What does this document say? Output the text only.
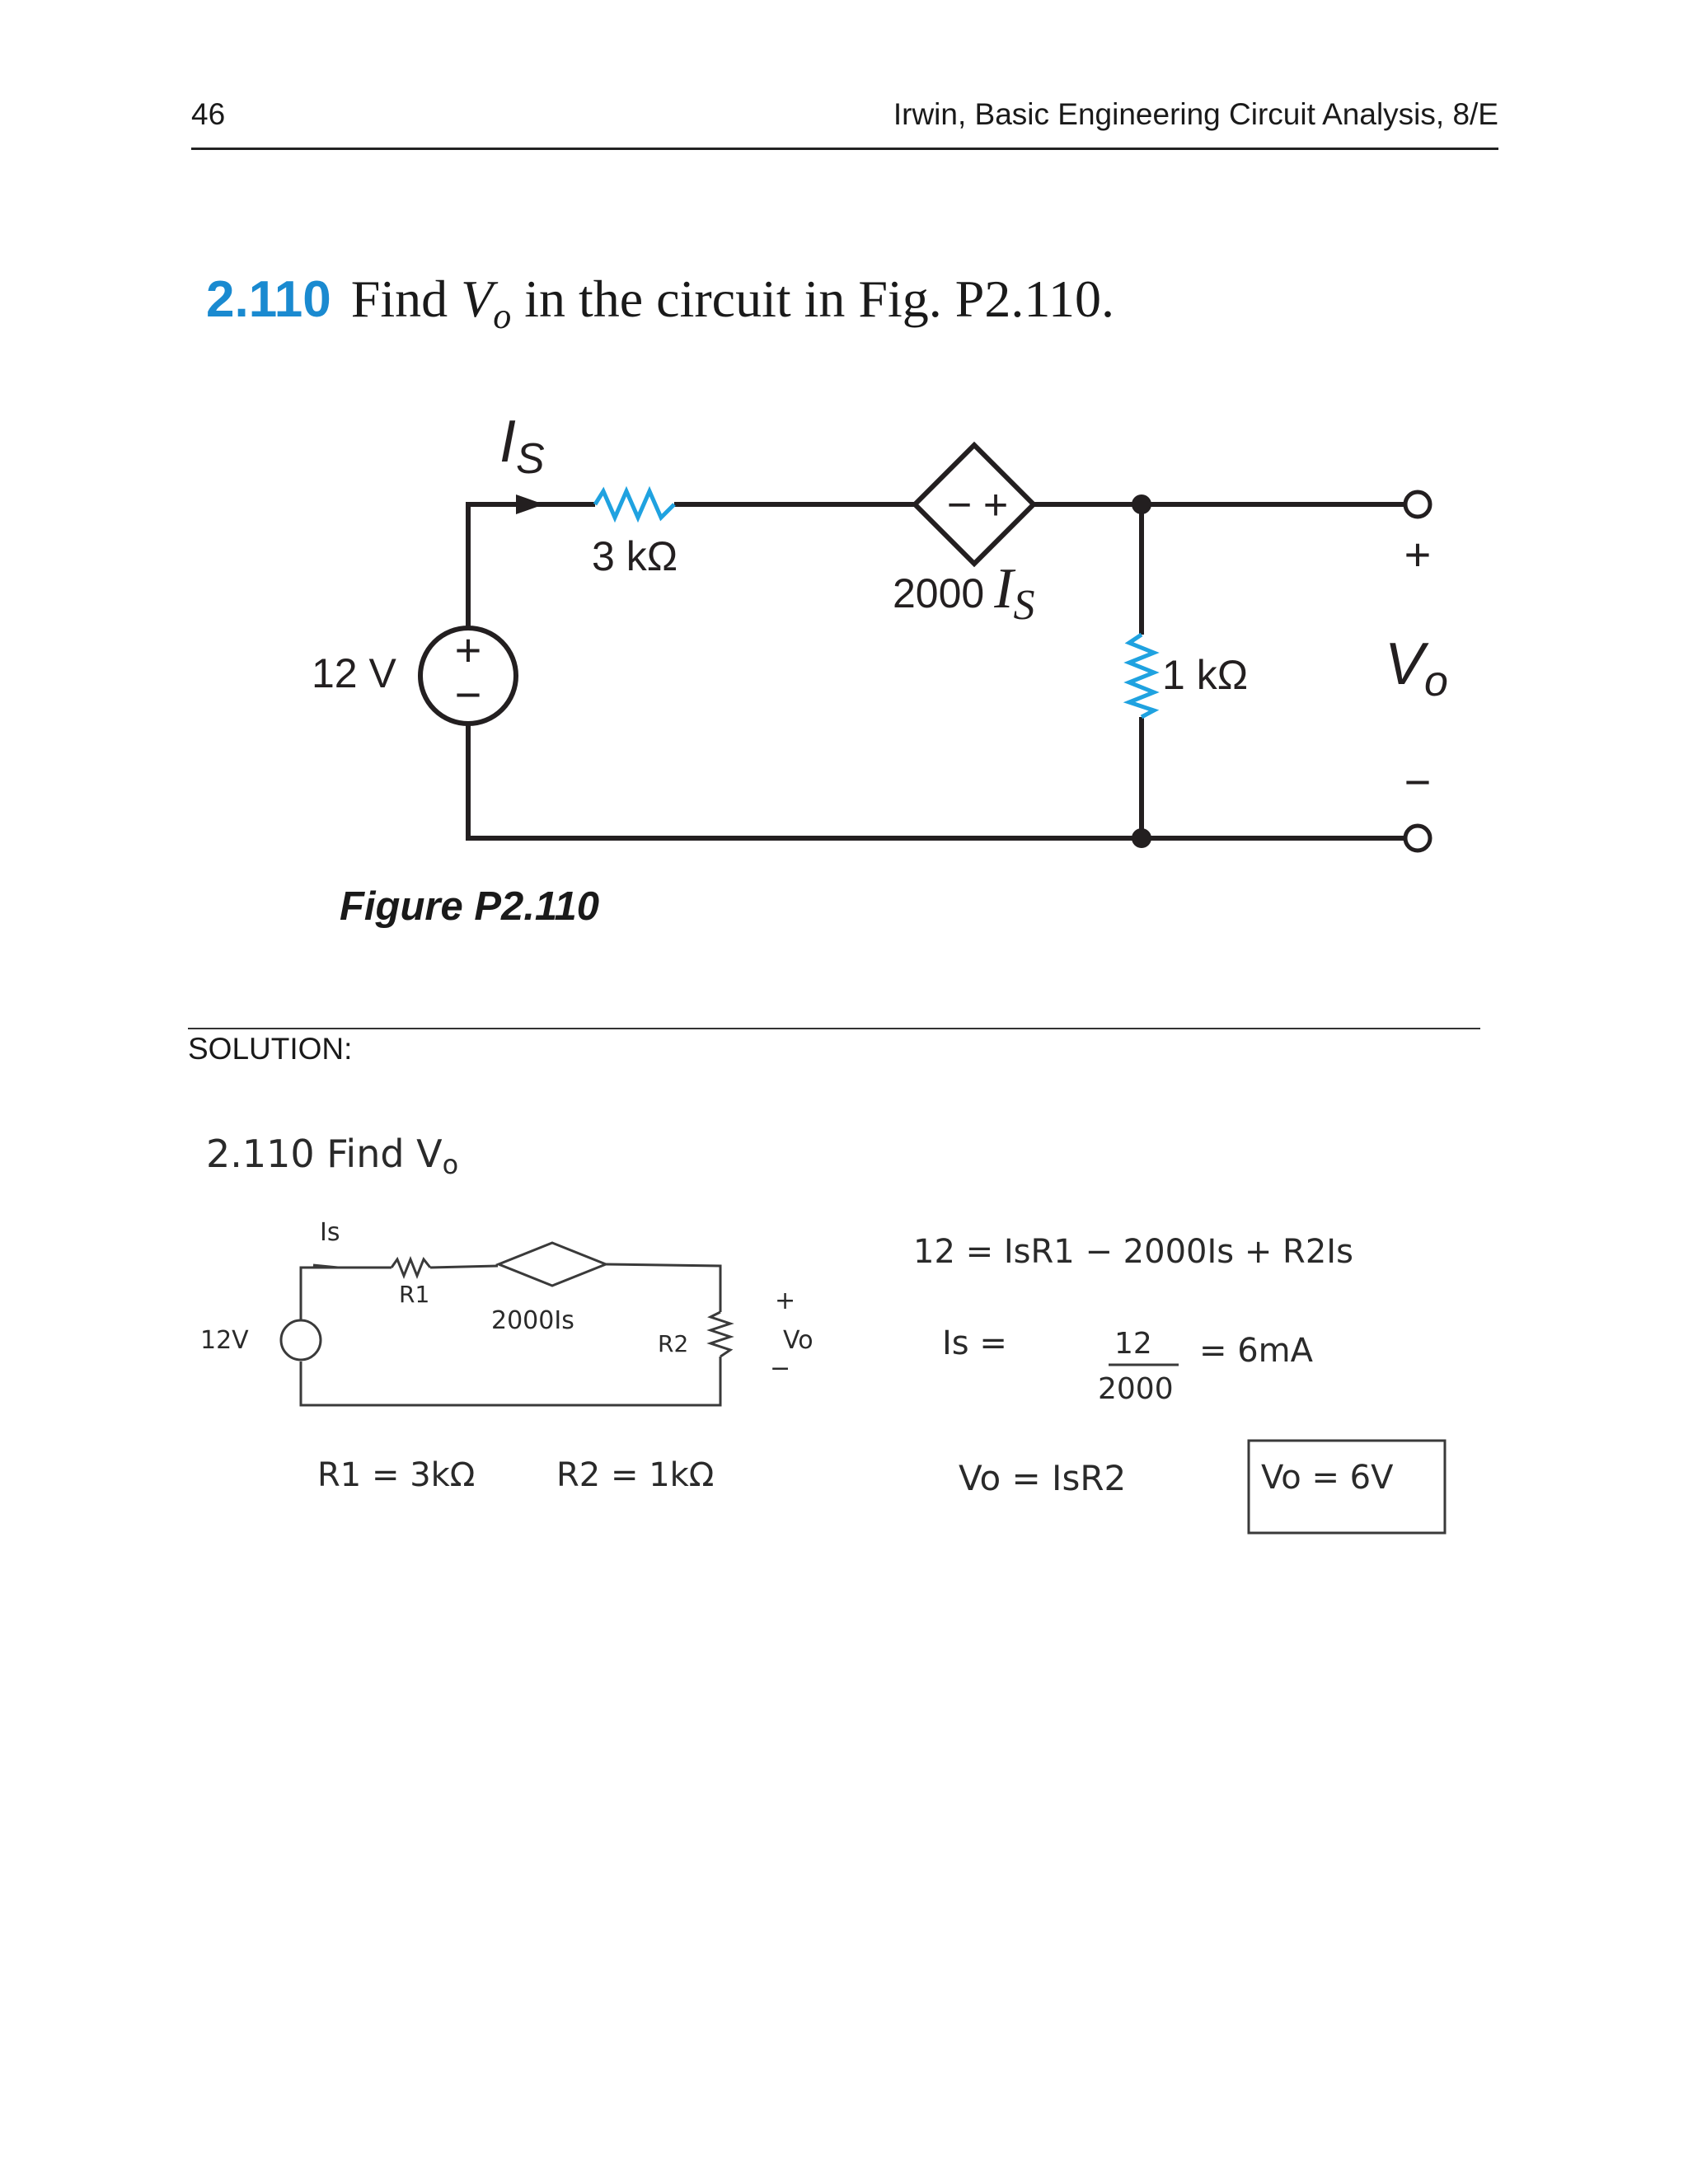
46	Irwin, Basic Engineering Circuit Analysis, 8/E
2.110 Find $V_o$ in the circuit in Fig. P2.110.
IS
3 kΩ
12 V +
−
− +
2000 IS
1 kΩ
+
Vo
−
2.110 Find Vo
Is
R1
2000Is
R2
12V
+
Vo
−
R1 = 3kΩ R2 = 1kΩ
12 = IsR1 − 2000Is + R2Is
Is =	12
2000
= 6mA
Vo = IsR2	Vo = 6V
Figure P2.110
SOLUTION:
